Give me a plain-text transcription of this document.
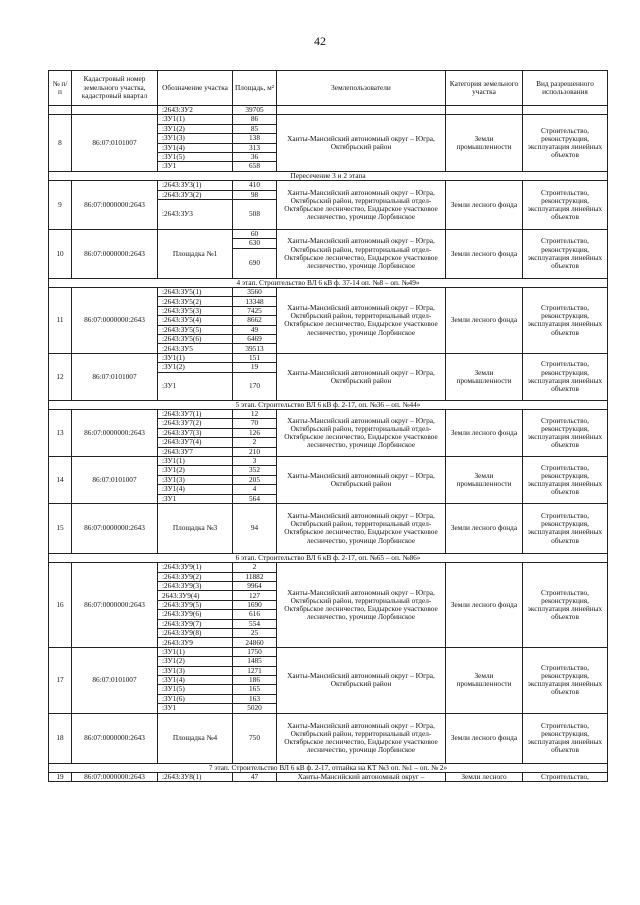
42
№ п/п	Кадастровый номер земельного участка, кадастровый квартал	Обозначение участка	Площадь, м²	Землепользователи	Категория земельного участка	Вид разрешенного использования
		:2643:ЗУ2	39705			
8	86:07:0101007	:ЗУ1(1)	86	Ханты-Мансийский автономный округ – Югра, Октябрьский район	Земли промышленности	Строительство, реконструкция, эксплуатация линейных объектов
		:ЗУ1(2)	85			
		:ЗУ1(3)	138			
		:ЗУ1(4)	313			
		:ЗУ1(5)	36			
		:ЗУ1	658			
Пересечение 3 и 2 этапа						
9	86:07:0000000:2643	:2643:ЗУ3(1)	410	Ханты-Мансийский автономный округ – Югра, Октябрьский район, территориальный отдел-Октябрьское лесничество, Ендырское участковое лесничество, урочище Лорбинское	Земли лесного фонда	Строительство, реконструкция, эксплуатация линейных объектов
		:2643:ЗУ3(2)	98			
		:2643:ЗУ3	508			
10	86:07:0000000:2643	Площадка №1	60	Ханты-Мансийский автономный округ – Югра, Октябрьский район, территориальный отдел-Октябрьское лесничество, Ендырское участковое лесничество, урочище Лорбинское	Земли лесного фонда	Строительство, реконструкция, эксплуатация линейных объектов
			630			
			690			
4 этап. Строительство ВЛ 6 кВ ф. 37-14 оп. №8 – оп. №49»						
11	86:07:0000000:2643	:2643:ЗУ5(1)	3560	Ханты-Мансийский автономный округ – Югра, Октябрьский район, территориальный отдел-Октябрьское лесничество, Ендырское участковое лесничество, урочище Лорбинское	Земли лесного фонда	Строительство, реконструкция, эксплуатация линейных объектов
		:2643:ЗУ5(2)	13348			
		:2643:ЗУ5(3)	7425			
		:2643:ЗУ5(4)	8662			
		:2643:ЗУ5(5)	49			
		:2643:ЗУ5(6)	6469			
		:2643:ЗУ5	39513			
12	86:07:0101007	:ЗУ1(1)	151	Ханты-Мансийский автономный округ – Югра, Октябрьский район	Земли промышленности	Строительство, реконструкция, эксплуатация линейных объектов
		:ЗУ1(2)	19			
		:ЗУ1	170			
5 этап. Строительство ВЛ 6 кВ ф. 2-17, оп. №36 – оп. №44»						
13	86:07:0000000:2643	:2643:ЗУ7(1)	12	Ханты-Мансийский автономный округ – Югра, Октябрьский район, территориальный отдел-Октябрьское лесничество, Ендырское участковое лесничество, урочище Лорбинское	Земли лесного фонда	Строительство, реконструкция, эксплуатация линейных объектов
		:2643:ЗУ7(2)	70			
		:2643:ЗУ7(3)	126			
		:2643:ЗУ7(4)	2			
		:2643:ЗУ7	210			
14	86:07:0101007	:ЗУ1(1)	3	Ханты-Мансийский автономный округ – Югра, Октябрьский район	Земли промышленности	Строительство, реконструкция, эксплуатация линейных объектов
		:ЗУ1(2)	352			
		:ЗУ1(3)	205			
		:ЗУ1(4)	4			
		:ЗУ1	564			
15	86:07:0000000:2643	Площадка №3	94	Ханты-Мансийский автономный округ – Югра, Октябрьский район, территориальный отдел-Октябрьское лесничество, Ендырское участковое лесничество, урочище Лорбинское	Земли лесного фонда	Строительство, реконструкция, эксплуатация линейных объектов
6 этап. Строительство ВЛ 6 кВ ф. 2-17, оп. №65 – оп. №86»						
16	86:07:0000000:2643	:2643:ЗУ9(1)	2	Ханты-Мансийский автономный округ – Югра, Октябрьский район, территориальный отдел-Октябрьское лесничество, Ендырское участковое лесничество, урочище Лорбинское	Земли лесного фонда	Строительство, реконструкция, эксплуатация линейных объектов
		:2643:ЗУ9(2)	11882			
		:2643:ЗУ9(3)	9964			
		2643:ЗУ9(4)	127			
		:2643:ЗУ9(5)	1690			
		:2643:ЗУ9(6)	616			
		:2643:ЗУ9(7)	554			
		:2643:ЗУ9(8)	25			
		:2643:ЗУ9	24860			
17	86:07:0101007	:ЗУ1(1)	1750	Ханты-Мансийский автономный округ – Югра, Октябрьский район	Земли промышленности	Строительство, реконструкция, эксплуатация линейных объектов
		:ЗУ1(2)	1485			
		:ЗУ1(3)	1271			
		:ЗУ1(4)	186			
		:ЗУ1(5)	165			
		:ЗУ1(6)	163			
		:ЗУ1	5020			
18	86:07:0000000:2643	Площадка №4	750	Ханты-Мансийский автономный округ – Югра, Октябрьский район, территориальный отдел-Октябрьское лесничество, Ендырское участковое лесничество, урочище Лорбинское	Земли лесного фонда	Строительство, реконструкция, эксплуатация линейных объектов
7 этап. Строительство ВЛ 6 кВ ф. 2-17, отпайка на КТ №3 оп. №1 – оп. № 2»						
19	86:07:0000000:2643	:2643:ЗУ8(1)	47	Ханты-Мансийский автономный округ –	Земли лесного	Строительство,
